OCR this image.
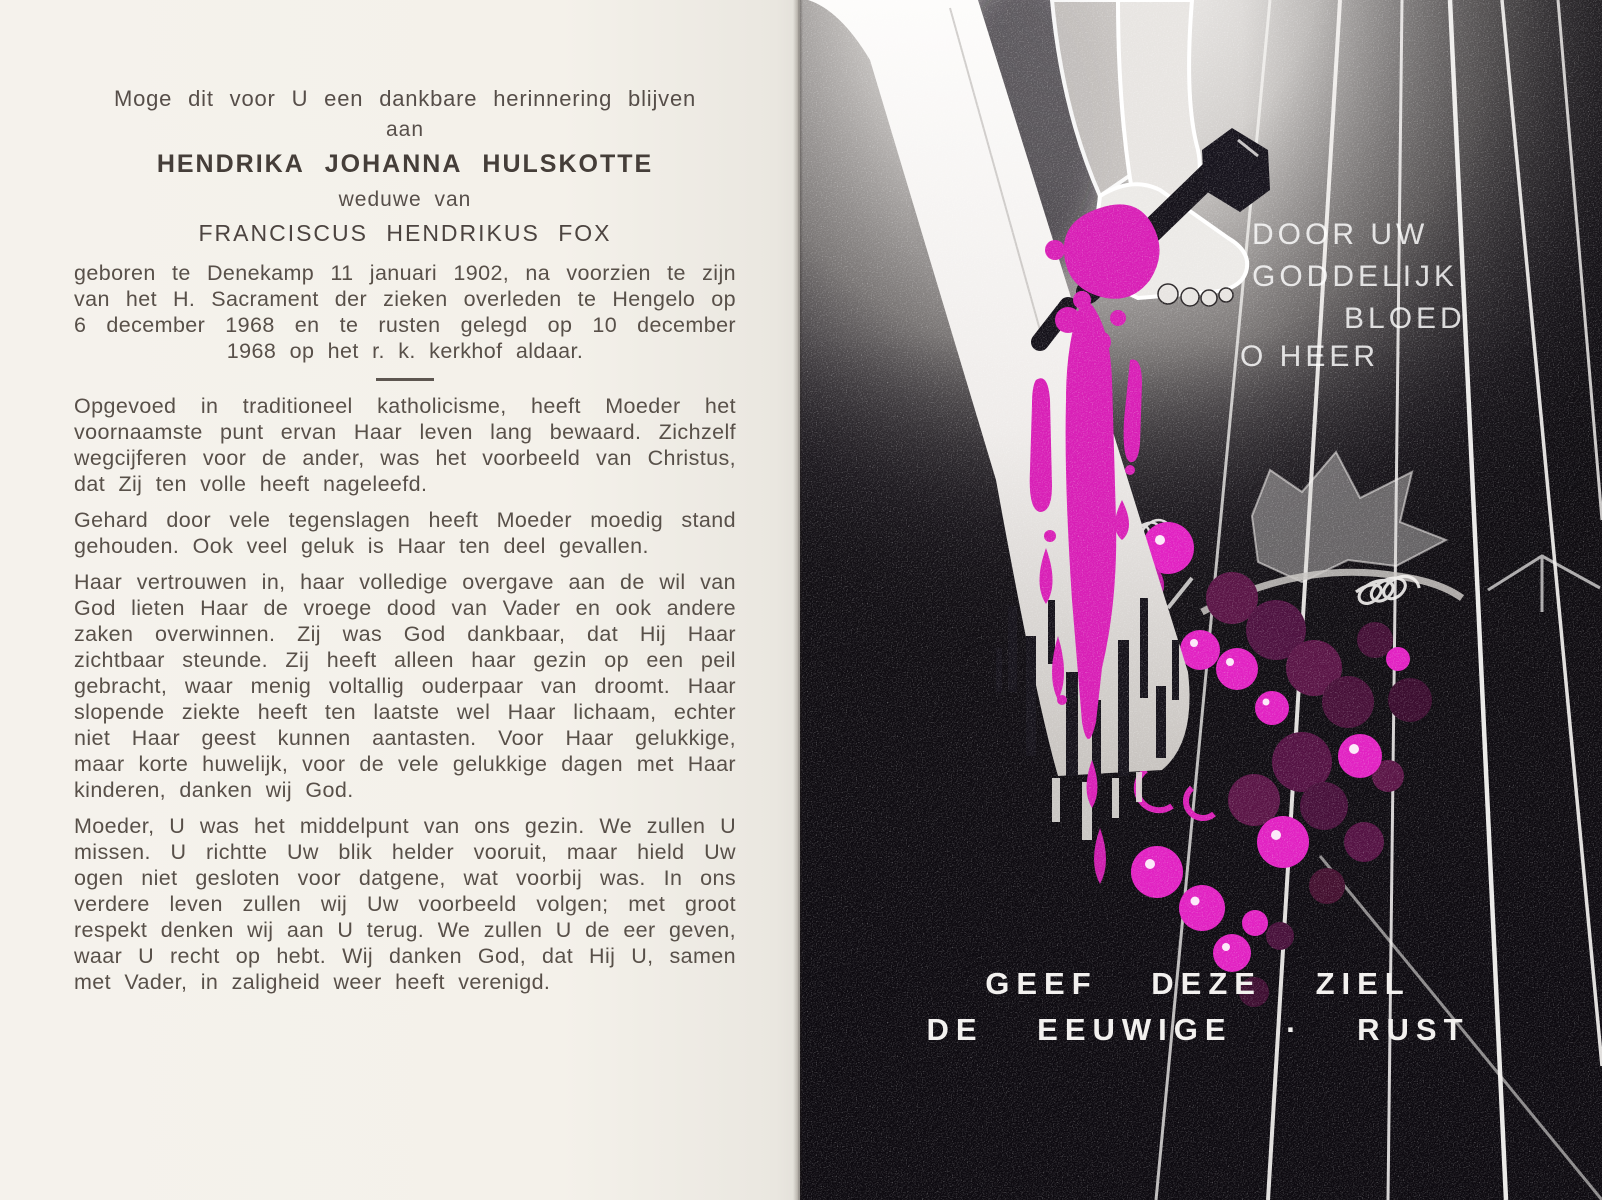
Moge dit voor U een dankbare herinnering blijven

aan

HENDRIKA JOHANNA HULSKOTTE

weduwe van

FRANCISCUS HENDRIKUS FOX

geboren te Denekamp 11 januari 1902, na voorzien te zijn van het H. Sacrament der zieken overleden te Hengelo op 6 december 1968 en te rusten gelegd op 10 december 1968 op het r. k. kerkhof aldaar.

Opgevoed in traditioneel katholicisme, heeft Moeder het voornaamste punt ervan Haar leven lang bewaard. Zichzelf wegcijferen voor de ander, was het voorbeeld van Christus, dat Zij ten volle heeft nageleefd.

Gehard door vele tegenslagen heeft Moeder moedig stand gehouden. Ook veel geluk is Haar ten deel gevallen.

Haar vertrouwen in, haar volledige overgave aan de wil van God lieten Haar de vroege dood van Vader en ook andere zaken overwinnen. Zij was God dankbaar, dat Hij Haar zichtbaar steunde. Zij heeft alleen haar gezin op een peil gebracht, waar menig voltallig ouderpaar van droomt. Haar slopende ziekte heeft ten laatste wel Haar lichaam, echter niet Haar geest kunnen aantasten. Voor Haar gelukkige, maar korte huwelijk, voor de vele gelukkige dagen met Haar kinderen, danken wij God.

Moeder, U was het middelpunt van ons gezin. We zullen U missen. U richtte Uw blik helder vooruit, maar hield Uw ogen niet gesloten voor datgene, wat voorbij was. In ons verdere leven zullen wij Uw voorbeeld volgen; met groot respekt denken wij aan U terug. We zullen U de eer geven, waar U recht op hebt. Wij danken God, dat Hij U, samen met Vader, in zaligheid weer heeft verenigd.

DOOR UW
GODDELIJK
BLOED
O HEER
GEEF DEZE ZIEL
DE EEUWIGE · RUST
